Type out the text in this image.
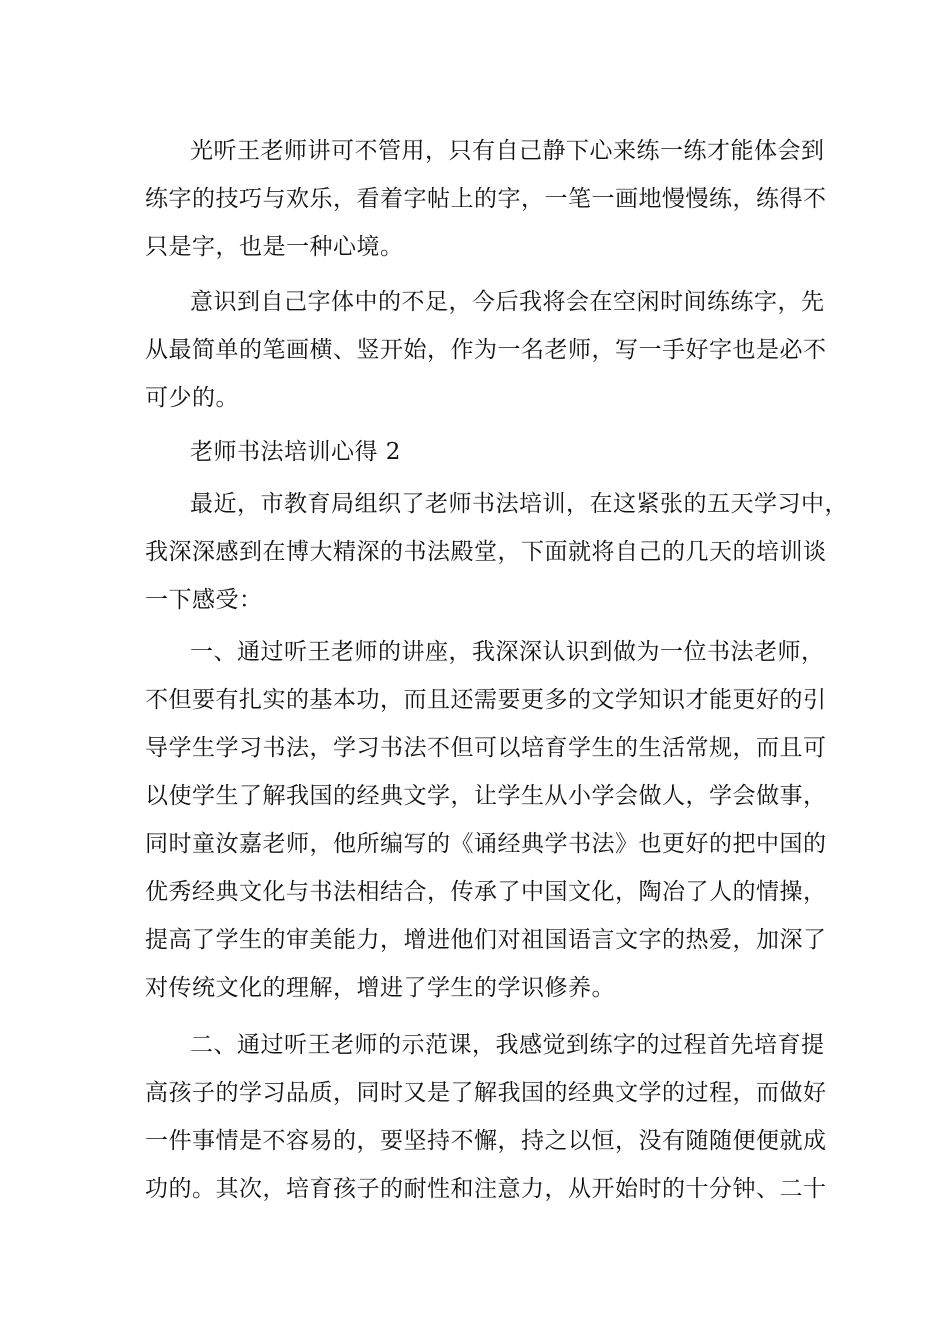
光听王老师讲可不管用，只有自己静下心来练一练才能体会到
练字的技巧与欢乐，看着字帖上的字，一笔一画地慢慢练，练得不
只是字，也是一种心境。
意识到自己字体中的不足，今后我将会在空闲时间练练字，先
从最简单的笔画横、竖开始，作为一名老师，写一手好字也是必不
可少的。
老师书法培训心得 2
最近，市教育局组织了老师书法培训，在这紧张的五天学习中，
我深深感到在博大精深的书法殿堂，下面就将自己的几天的培训谈
一下感受：
一、通过听王老师的讲座，我深深认识到做为一位书法老师，
不但要有扎实的基本功，而且还需要更多的文学知识才能更好的引
导学生学习书法，学习书法不但可以培育学生的生活常规，而且可
以使学生了解我国的经典文学，让学生从小学会做人，学会做事，
同时童汝嘉老师，他所编写的《诵经典学书法》也更好的把中国的
优秀经典文化与书法相结合，传承了中国文化，陶冶了人的情操，
提高了学生的审美能力，增进他们对祖国语言文字的热爱，加深了
对传统文化的理解，增进了学生的学识修养。
二、通过听王老师的示范课，我感觉到练字的过程首先培育提
高孩子的学习品质，同时又是了解我国的经典文学的过程，而做好
一件事情是不容易的，要坚持不懈，持之以恒，没有随随便便就成
功的。其次，培育孩子的耐性和注意力，从开始时的十分钟、二十
